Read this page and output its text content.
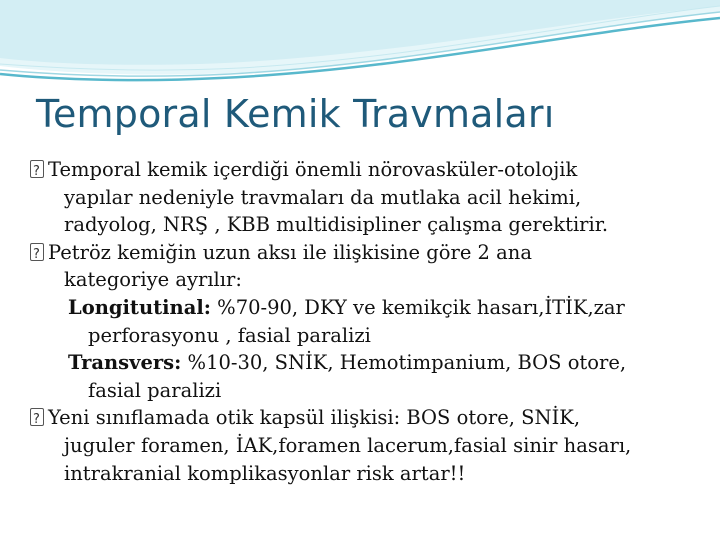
Temporal Kemik Travmaları
?Temporal kemik içerdiği önemli nörovasküler-otolojik
yapılar nedeniyle travmaları da mutlaka acil hekimi,
radyolog, NRŞ , KBB multidisipliner çalışma gerektirir.
?Petröz kemiğin uzun aksı ile ilişkisine göre 2 ana
kategoriye ayrılır:
Longitutinal: %70-90, DKY ve kemikçik hasarı,İTİK,zar
perforasyonu , fasial paralizi
Transvers: %10-30, SNİK, Hemotimpanium, BOS otore,
fasial paralizi
?Yeni sınıflamada otik kapsül ilişkisi: BOS otore, SNİK,
juguler foramen, İAK,foramen lacerum,fasial sinir hasarı,
intrakranial komplikasyonlar risk artar!!
